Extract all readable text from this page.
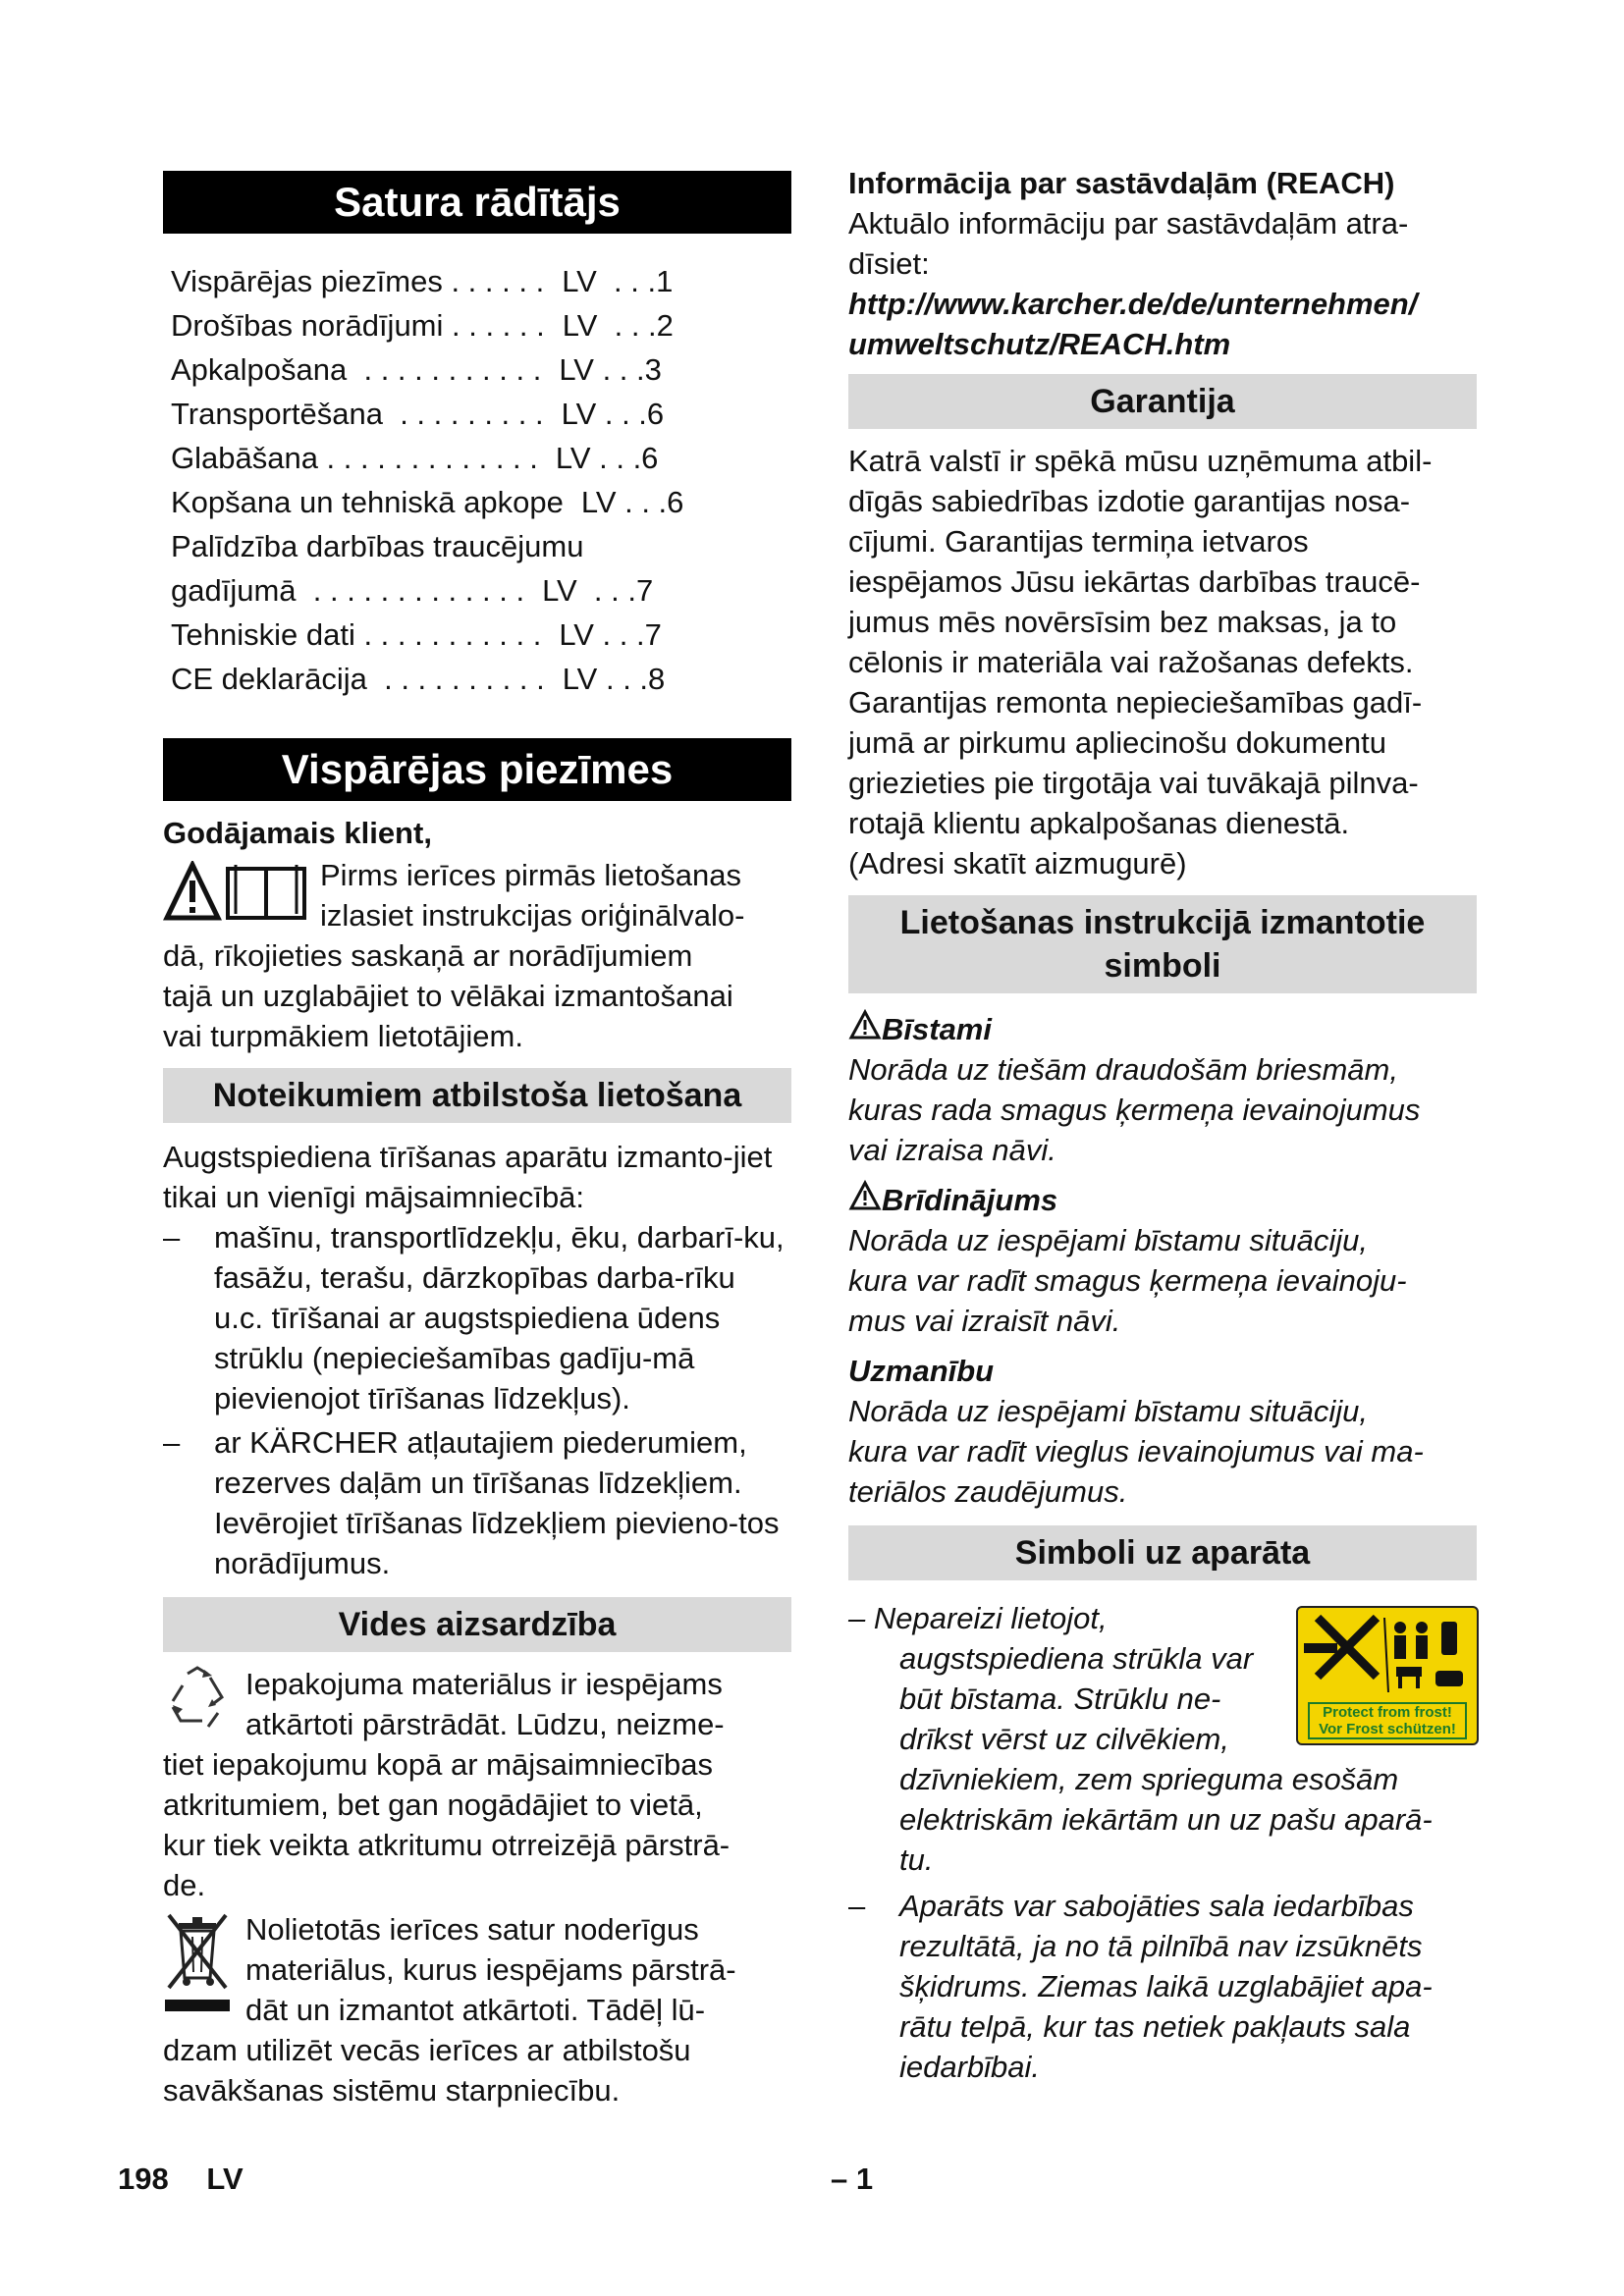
Satura rādītājs
Vispārējas piezīmes . . . . . . LV  . . .1
Drošības norādījumi . . . . . . LV  . . .2
Apkalpošana  . . . . . . . . . . . LV . . .3
Transportēšana  . . . . . . . . . LV . . .6
Glabāšana . . . . . . . . . . . . . LV . . .6
Kopšana un tehniskā apkope LV . . .6
Palīdzība darbības traucējumu
gadījumā  . . . . . . . . . . . . . LV  . . .7
Tehniskie dati . . . . . . . . . . . LV . . .7
CE deklarācija  . . . . . . . . . . LV . . .8
Vispārējas piezīmes

Godājamais klient,

Pirms ierīces pirmās lietošanas

izlasiet instrukcijas oriģinālvalo-

dā, rīkojieties saskaņā ar norādījumiem

tajā un uzglabājiet to vēlākai izmantošanai

vai turpmākiem lietotājiem.

Noteikumiem atbilstoša lietošana

Augstspiediena tīrīšanas aparātu izmanto-jiet tikai un vienīgi mājsaimniecībā:

– mašīnu, transportlīdzekļu, ēku, darbarī-ku, fasāžu, terašu, dārzkopības darba-rīku u.c. tīrīšanai ar augstspiediena ūdens strūklu (nepieciešamības gadīju-mā pievienojot tīrīšanas līdzekļus).
– ar KÄRCHER atļautajiem piederumiem, rezerves daļām un tīrīšanas līdzekļiem. Ievērojiet tīrīšanas līdzekļiem pievieno-tos norādījumus.
Vides aizsardzība

Iepakojuma materiālus ir iespējams

atkārtoti pārstrādāt. Lūdzu, neizme-

tiet iepakojumu kopā ar mājsaimniecības

atkritumiem, bet gan nogādājiet to vietā,

kur tiek veikta atkritumu otrreizējā pārstrā-

de.

Nolietotās ierīces satur noderīgus

materiālus, kurus iespējams pārstrā-

dāt un izmantot atkārtoti. Tādēļ lū-

dzam utilizēt vecās ierīces ar atbilstošu

savākšanas sistēmu starpniecību.

Informācija par sastāvdaļām (REACH)

Aktuālo informāciju par sastāvdaļām atra-

dīsiet:

http://www.karcher.de/de/unternehmen/

umweltschutz/REACH.htm

Garantija

Katrā valstī ir spēkā mūsu uzņēmuma atbil-

dīgās sabiedrības izdotie garantijas nosa-

cījumi. Garantijas termiņa ietvaros

iespējamos Jūsu iekārtas darbības traucē-

jumus mēs novērsīsim bez maksas, ja to

cēlonis ir materiāla vai ražošanas defekts.

Garantijas remonta nepieciešamības gadī-

jumā ar pirkumu apliecinošu dokumentu

griezieties pie tirgotāja vai tuvākajā pilnva-

rotajā klientu apkalpošanas dienestā.

(Adresi skatīt aizmugurē)

Lietošanas instrukcijā izmantotie
simboli
Bīstami

Norāda uz tiešām draudošām briesmām,

kuras rada smagus ķermeņa ievainojumus

vai izraisa nāvi.

Brīdinājums

Norāda uz iespējami bīstamu situāciju,

kura var radīt smagus ķermeņa ievainoju-

mus vai izraisīt nāvi.

Uzmanību

Norāda uz iespējami bīstamu situāciju,

kura var radīt vieglus ievainojumus vai ma-

teriālos zaudējumus.

Simboli uz aparāta
Protect from frost!
Vor Frost schützen!

– Nepareizi lietojot,

augstspiediena strūkla var

būt bīstama. Strūklu ne-

drīkst vērst uz cilvēkiem,

dzīvniekiem, zem sprieguma esošām

elektriskām iekārtām un uz pašu aparā-

tu.

– Aparāts var sabojāties sala iedarbības

rezultātā, ja no tā pilnībā nav izsūknēts

šķidrums. Ziemas laikā uzglabājiet apa-

rātu telpā, kur tas netiek pakļauts sala

iedarbībai.

198 LV	– 1
